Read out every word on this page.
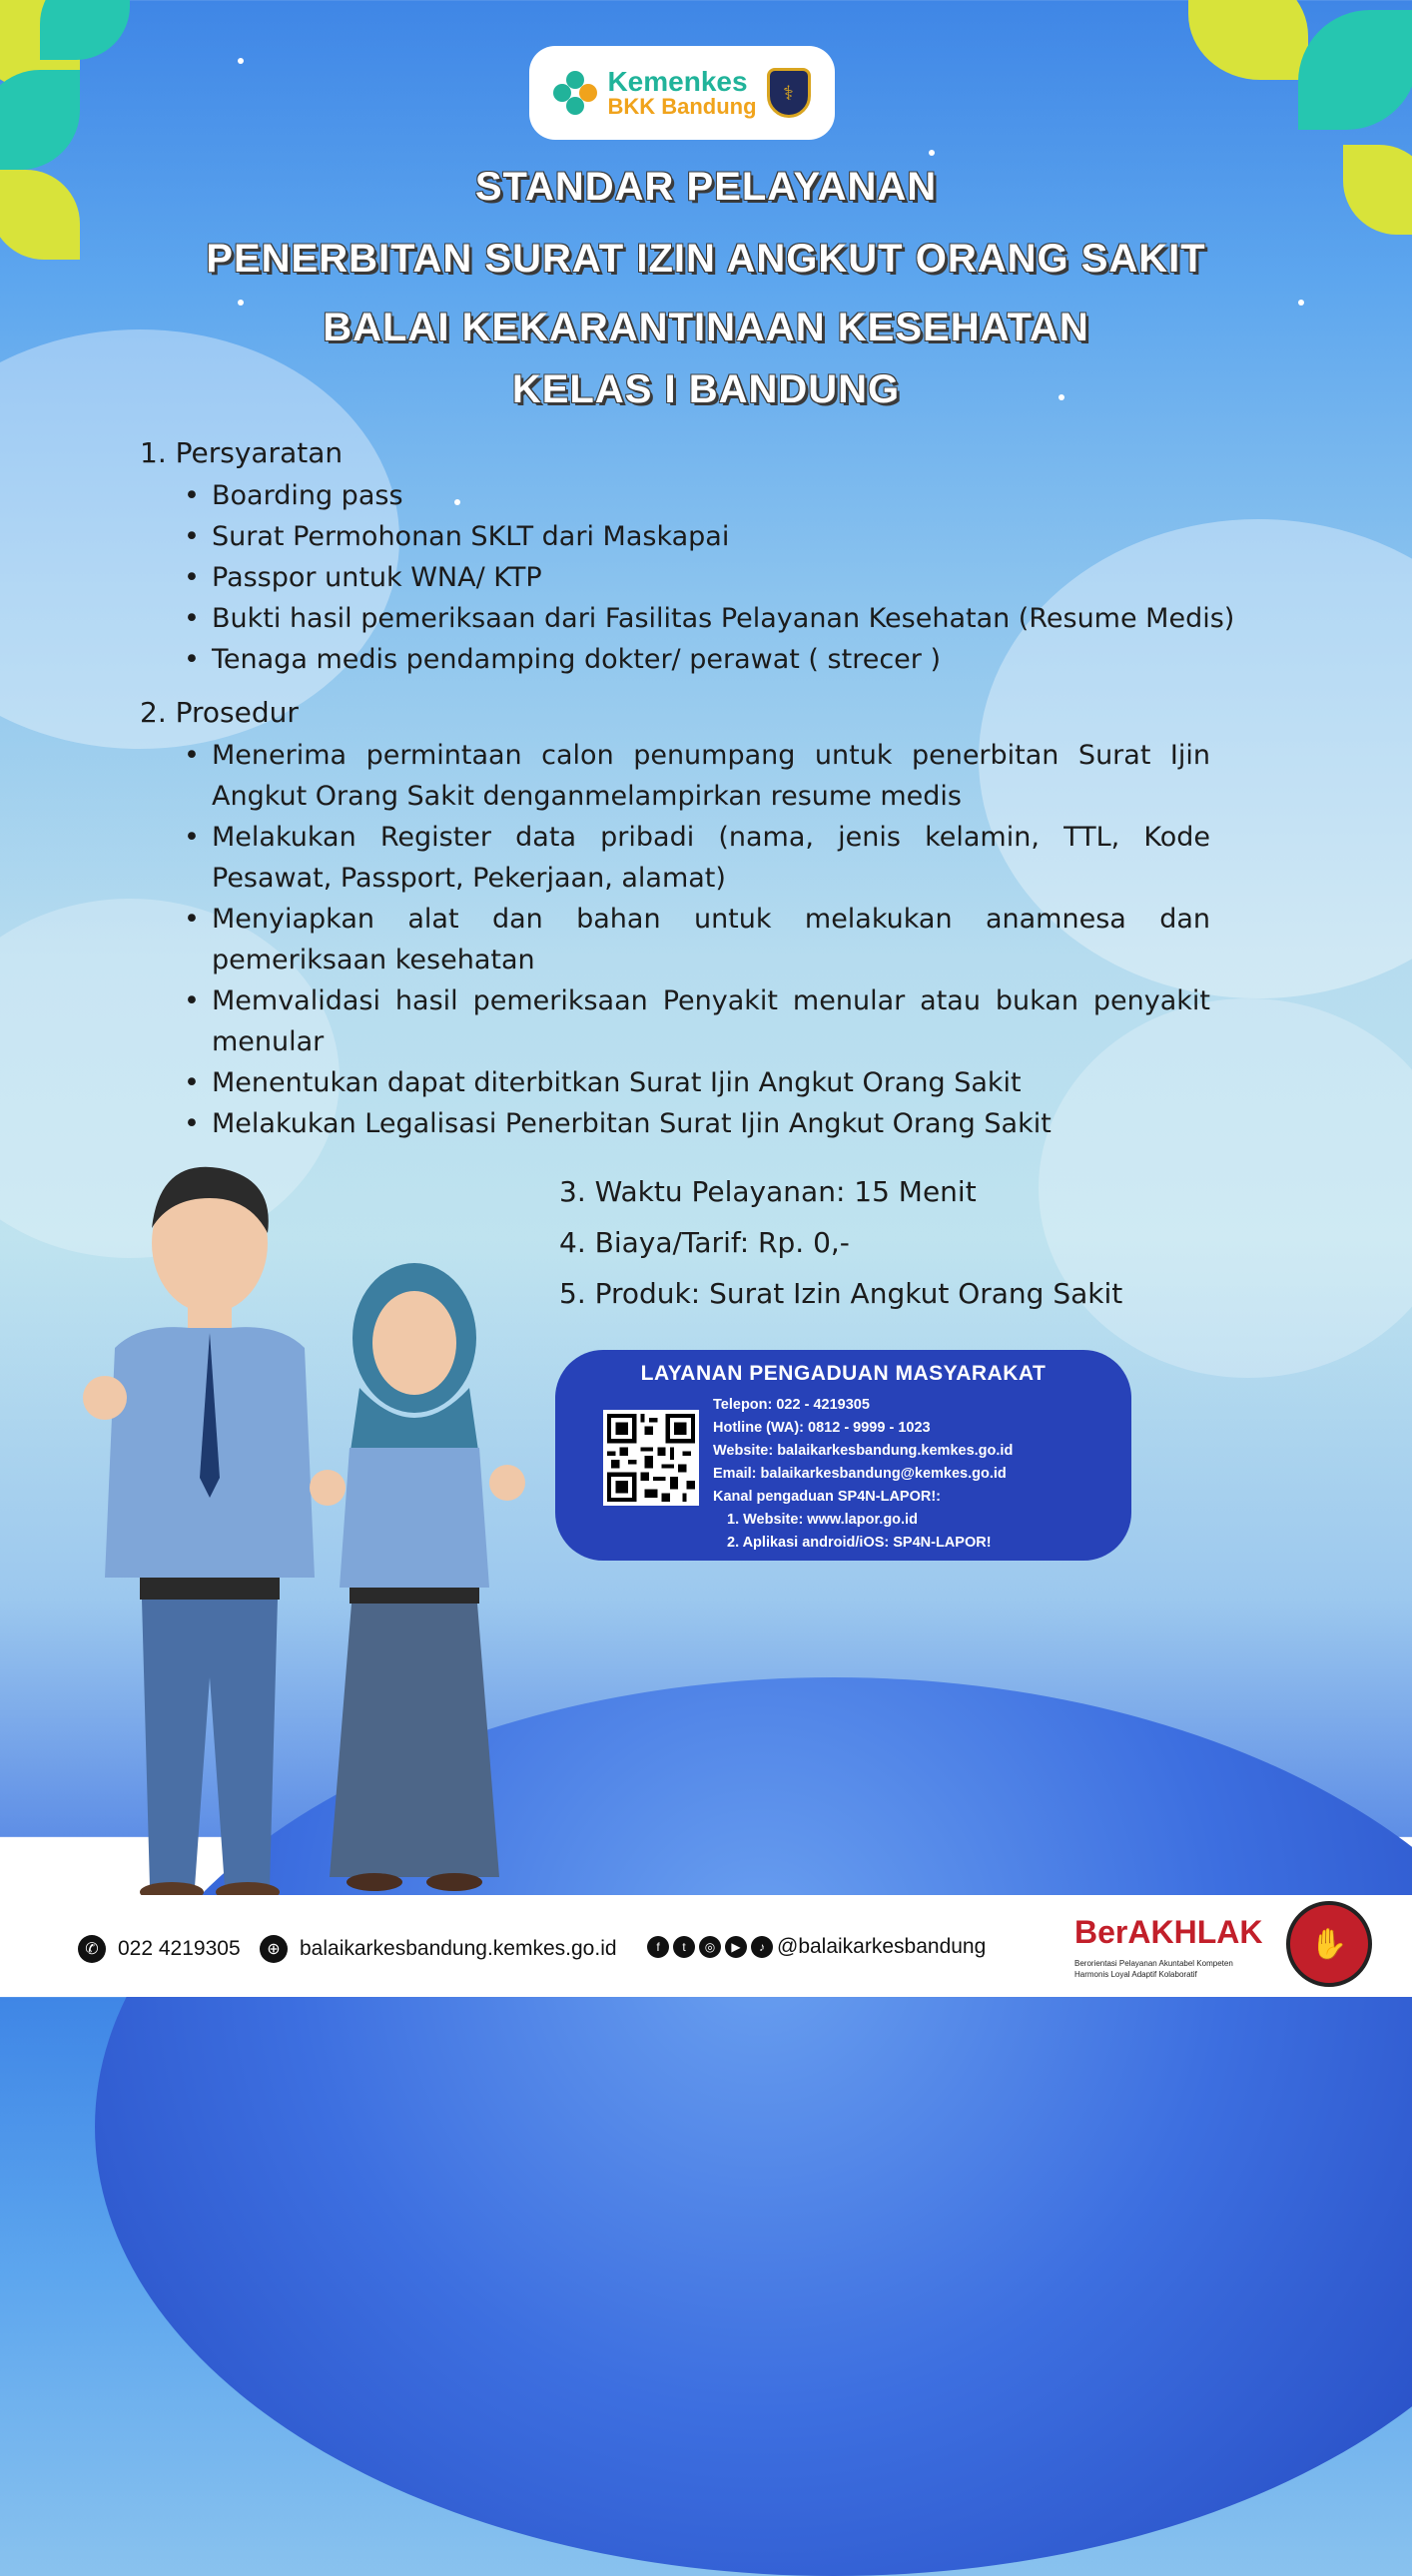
Kemenkes
BKK Bandung
⚕
STANDAR PELAYANAN
PENERBITAN SURAT IZIN ANGKUT ORANG SAKIT
BALAI KEKARANTINAAN KESEHATAN
KELAS I BANDUNG
1. Persyaratan
• Boarding pass
• Surat Permohonan SKLT dari Maskapai
• Passpor untuk WNA/ KTP
• Bukti hasil pemeriksaan dari Fasilitas Pelayanan Kesehatan (Resume Medis)
• Tenaga medis pendamping dokter/ perawat ( strecer )
2. Prosedur
• Menerima permintaan calon penumpang untuk penerbitan Surat Ijin Angkut Orang Sakit denganmelampirkan resume medis
• Melakukan Register data pribadi (nama, jenis kelamin, TTL, Kode Pesawat, Passport, Pekerjaan, alamat)
• Menyiapkan alat dan bahan untuk melakukan anamnesa dan pemeriksaan kesehatan
• Memvalidasi hasil pemeriksaan Penyakit menular atau bukan penyakit menular
• Menentukan dapat diterbitkan Surat Ijin Angkut Orang Sakit
• Melakukan Legalisasi Penerbitan Surat Ijin Angkut Orang Sakit
3. Waktu Pelayanan: 15 Menit
4. Biaya/Tarif: Rp. 0,-
5. Produk: Surat Izin Angkut Orang Sakit
LAYANAN PENGADUAN MASYARAKAT
Telepon: 022 - 4219305
Hotline (WA): 0812 - 9999 - 1023
Website: balaikarkesbandung.kemkes.go.id
Email: balaikarkesbandung@kemkes.go.id
Kanal pengaduan SP4N-LAPOR!:
1. Website: www.lapor.go.id
2. Aplikasi android/iOS: SP4N-LAPOR!
✆ 022 4219305	⊕ balaikarkesbandung.kemkes.go.id	f	t	◎	▶	♪ @balaikarkesbandung	BerAKHLAK
Berorientasi Pelayanan Akuntabel Kompeten
Harmonis Loyal Adaptif Kolaboratif
✋
